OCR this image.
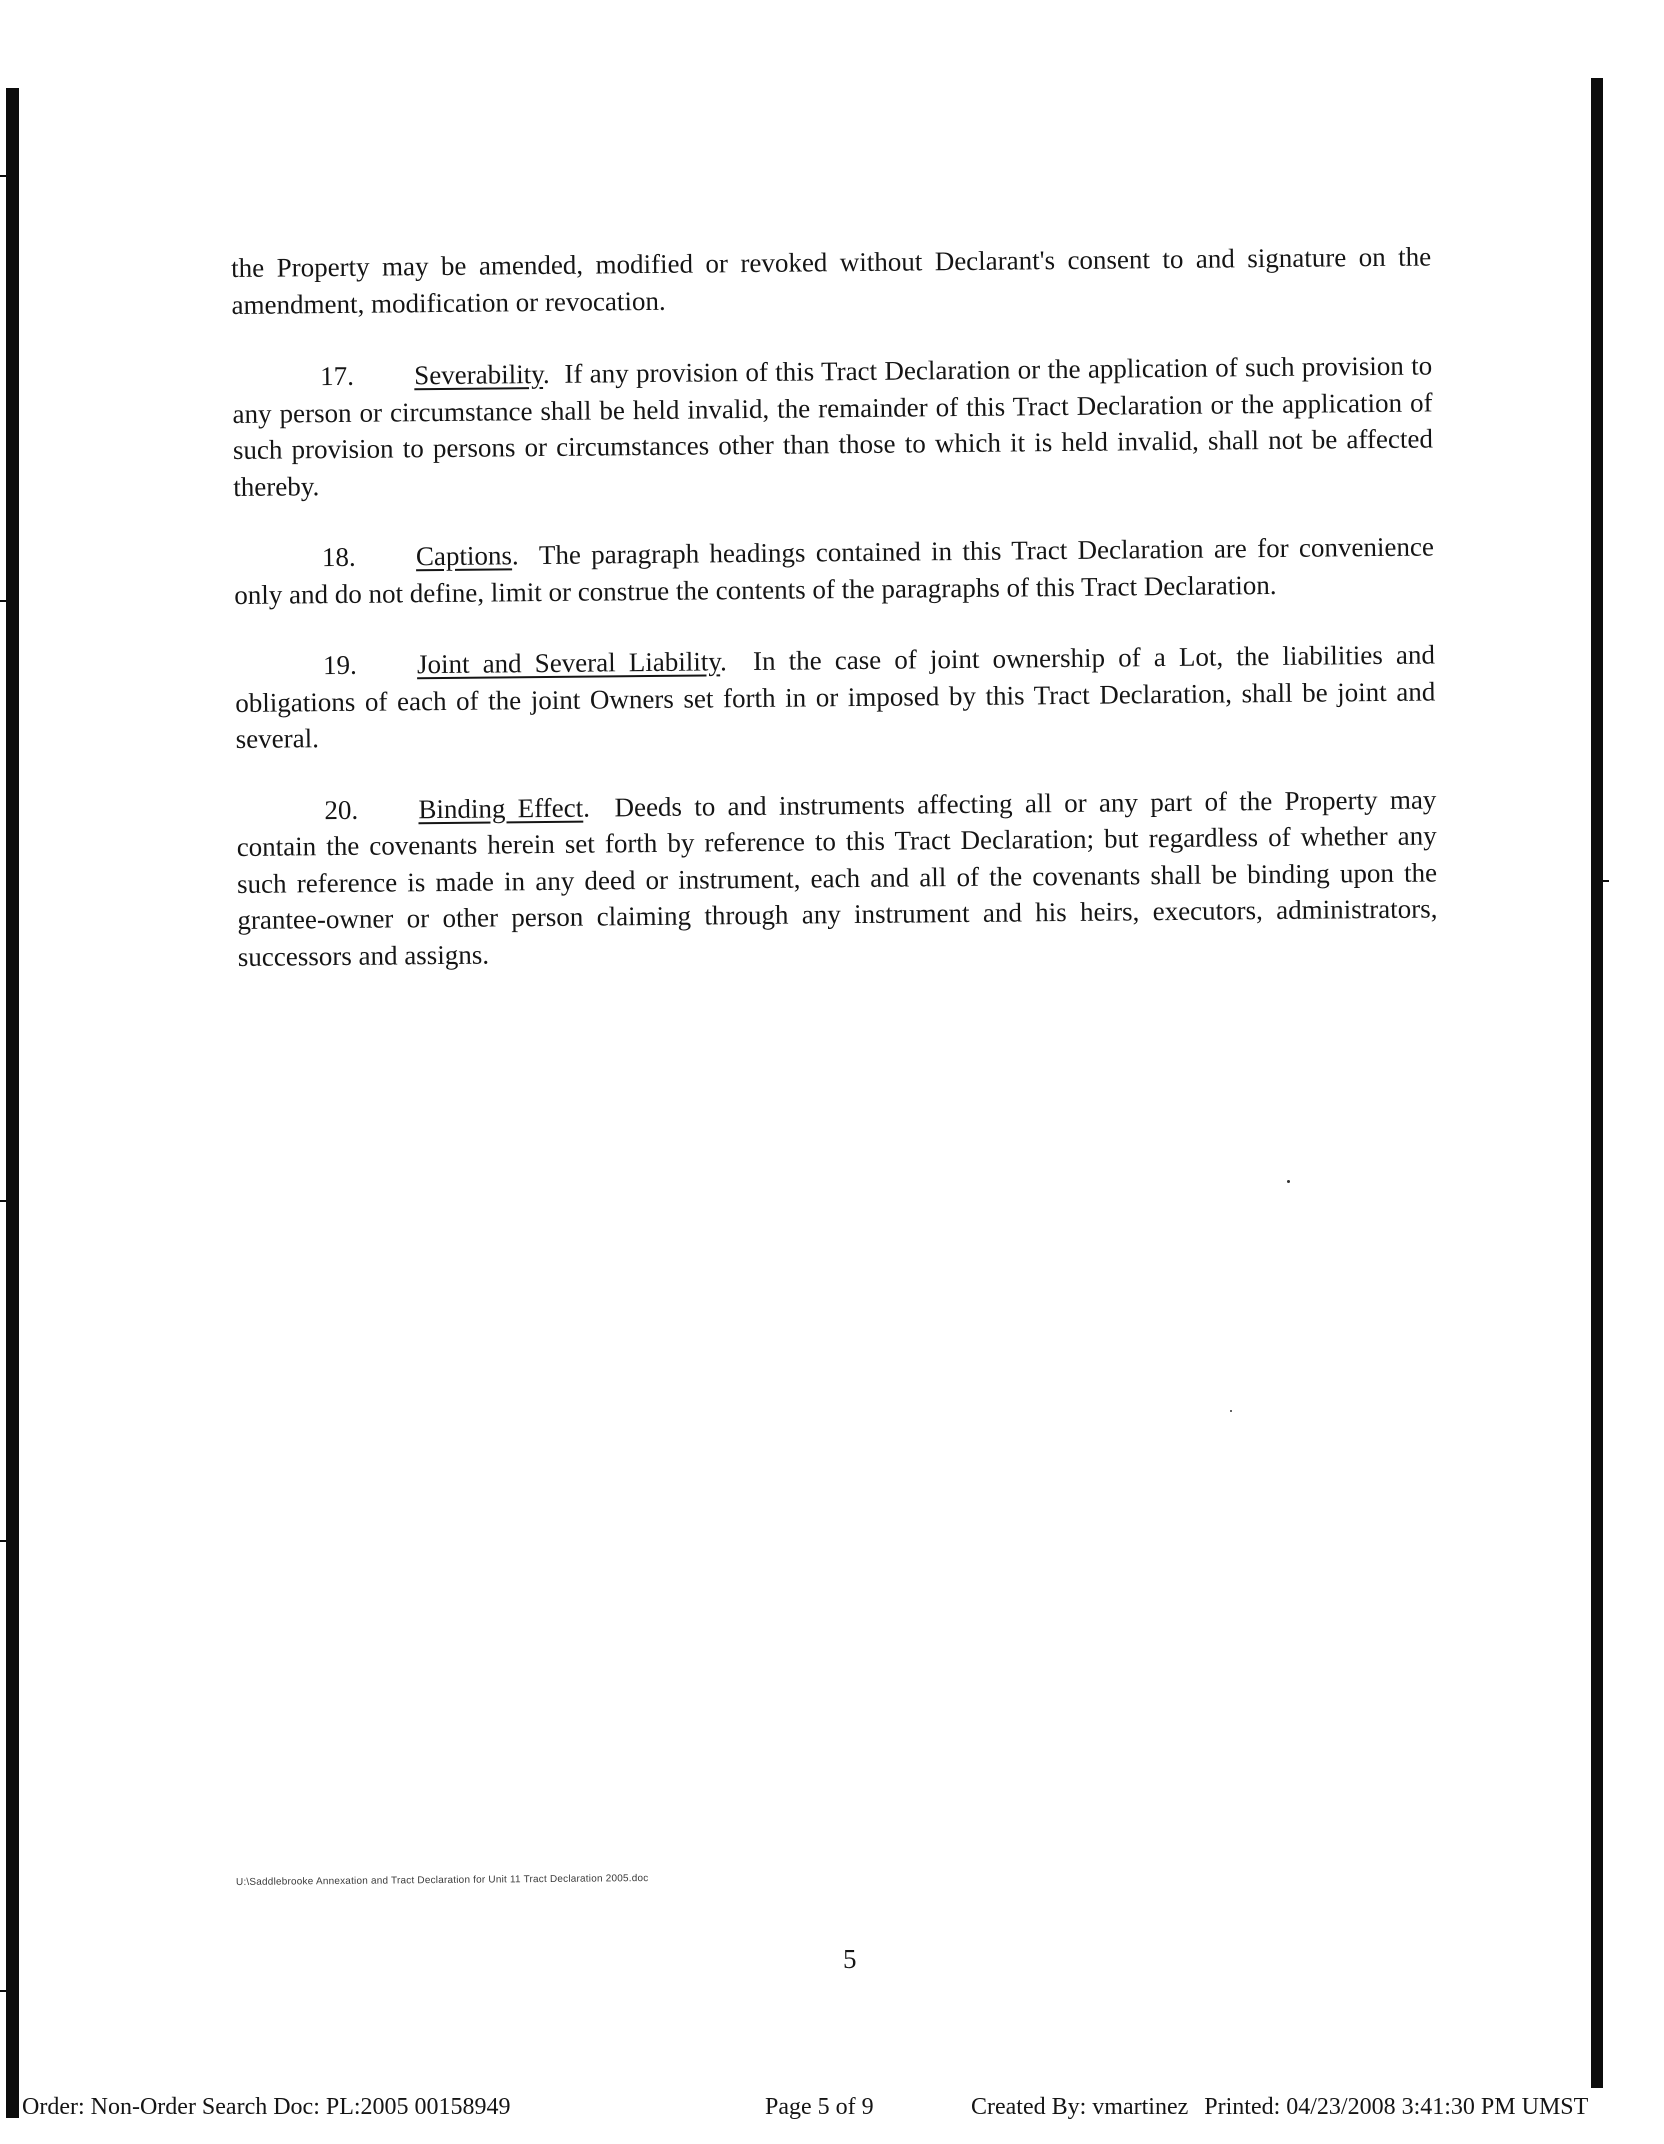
the Property may be amended, modified or revoked without Declarant's consent to and signature on the amendment, modification or revocation.

17. Severability.  If any provision of this Tract Declaration or the application of such provision to any person or circumstance shall be held invalid, the remainder of this Tract Declaration or the application of such provision to persons or circumstances other than those to which it is held invalid, shall not be affected thereby.

18. Captions.  The paragraph headings contained in this Tract Declaration are for convenience only and do not define, limit or construe the contents of the paragraphs of this Tract Declaration.

19. Joint and Several Liability.  In the case of joint ownership of a Lot, the liabilities and obligations of each of the joint Owners set forth in or imposed by this Tract Declaration, shall be joint and several.

20. Binding Effect.  Deeds to and instruments affecting all or any part of the Property may contain the covenants herein set forth by reference to this Tract Declaration; but regardless of whether any such reference is made in any deed or instrument, each and all of the covenants shall be binding upon the grantee-owner or other person claiming through any instrument and his heirs, executors, administrators, successors and assigns.

U:\Saddlebrooke Annexation and Tract Declaration for Unit 11 Tract Declaration 2005.doc
5
Order: Non-Order Search Doc: PL:2005 00158949	Page 5 of 9	Created By: vmartinez Printed: 04/23/2008 3:41:30 PM UMST
